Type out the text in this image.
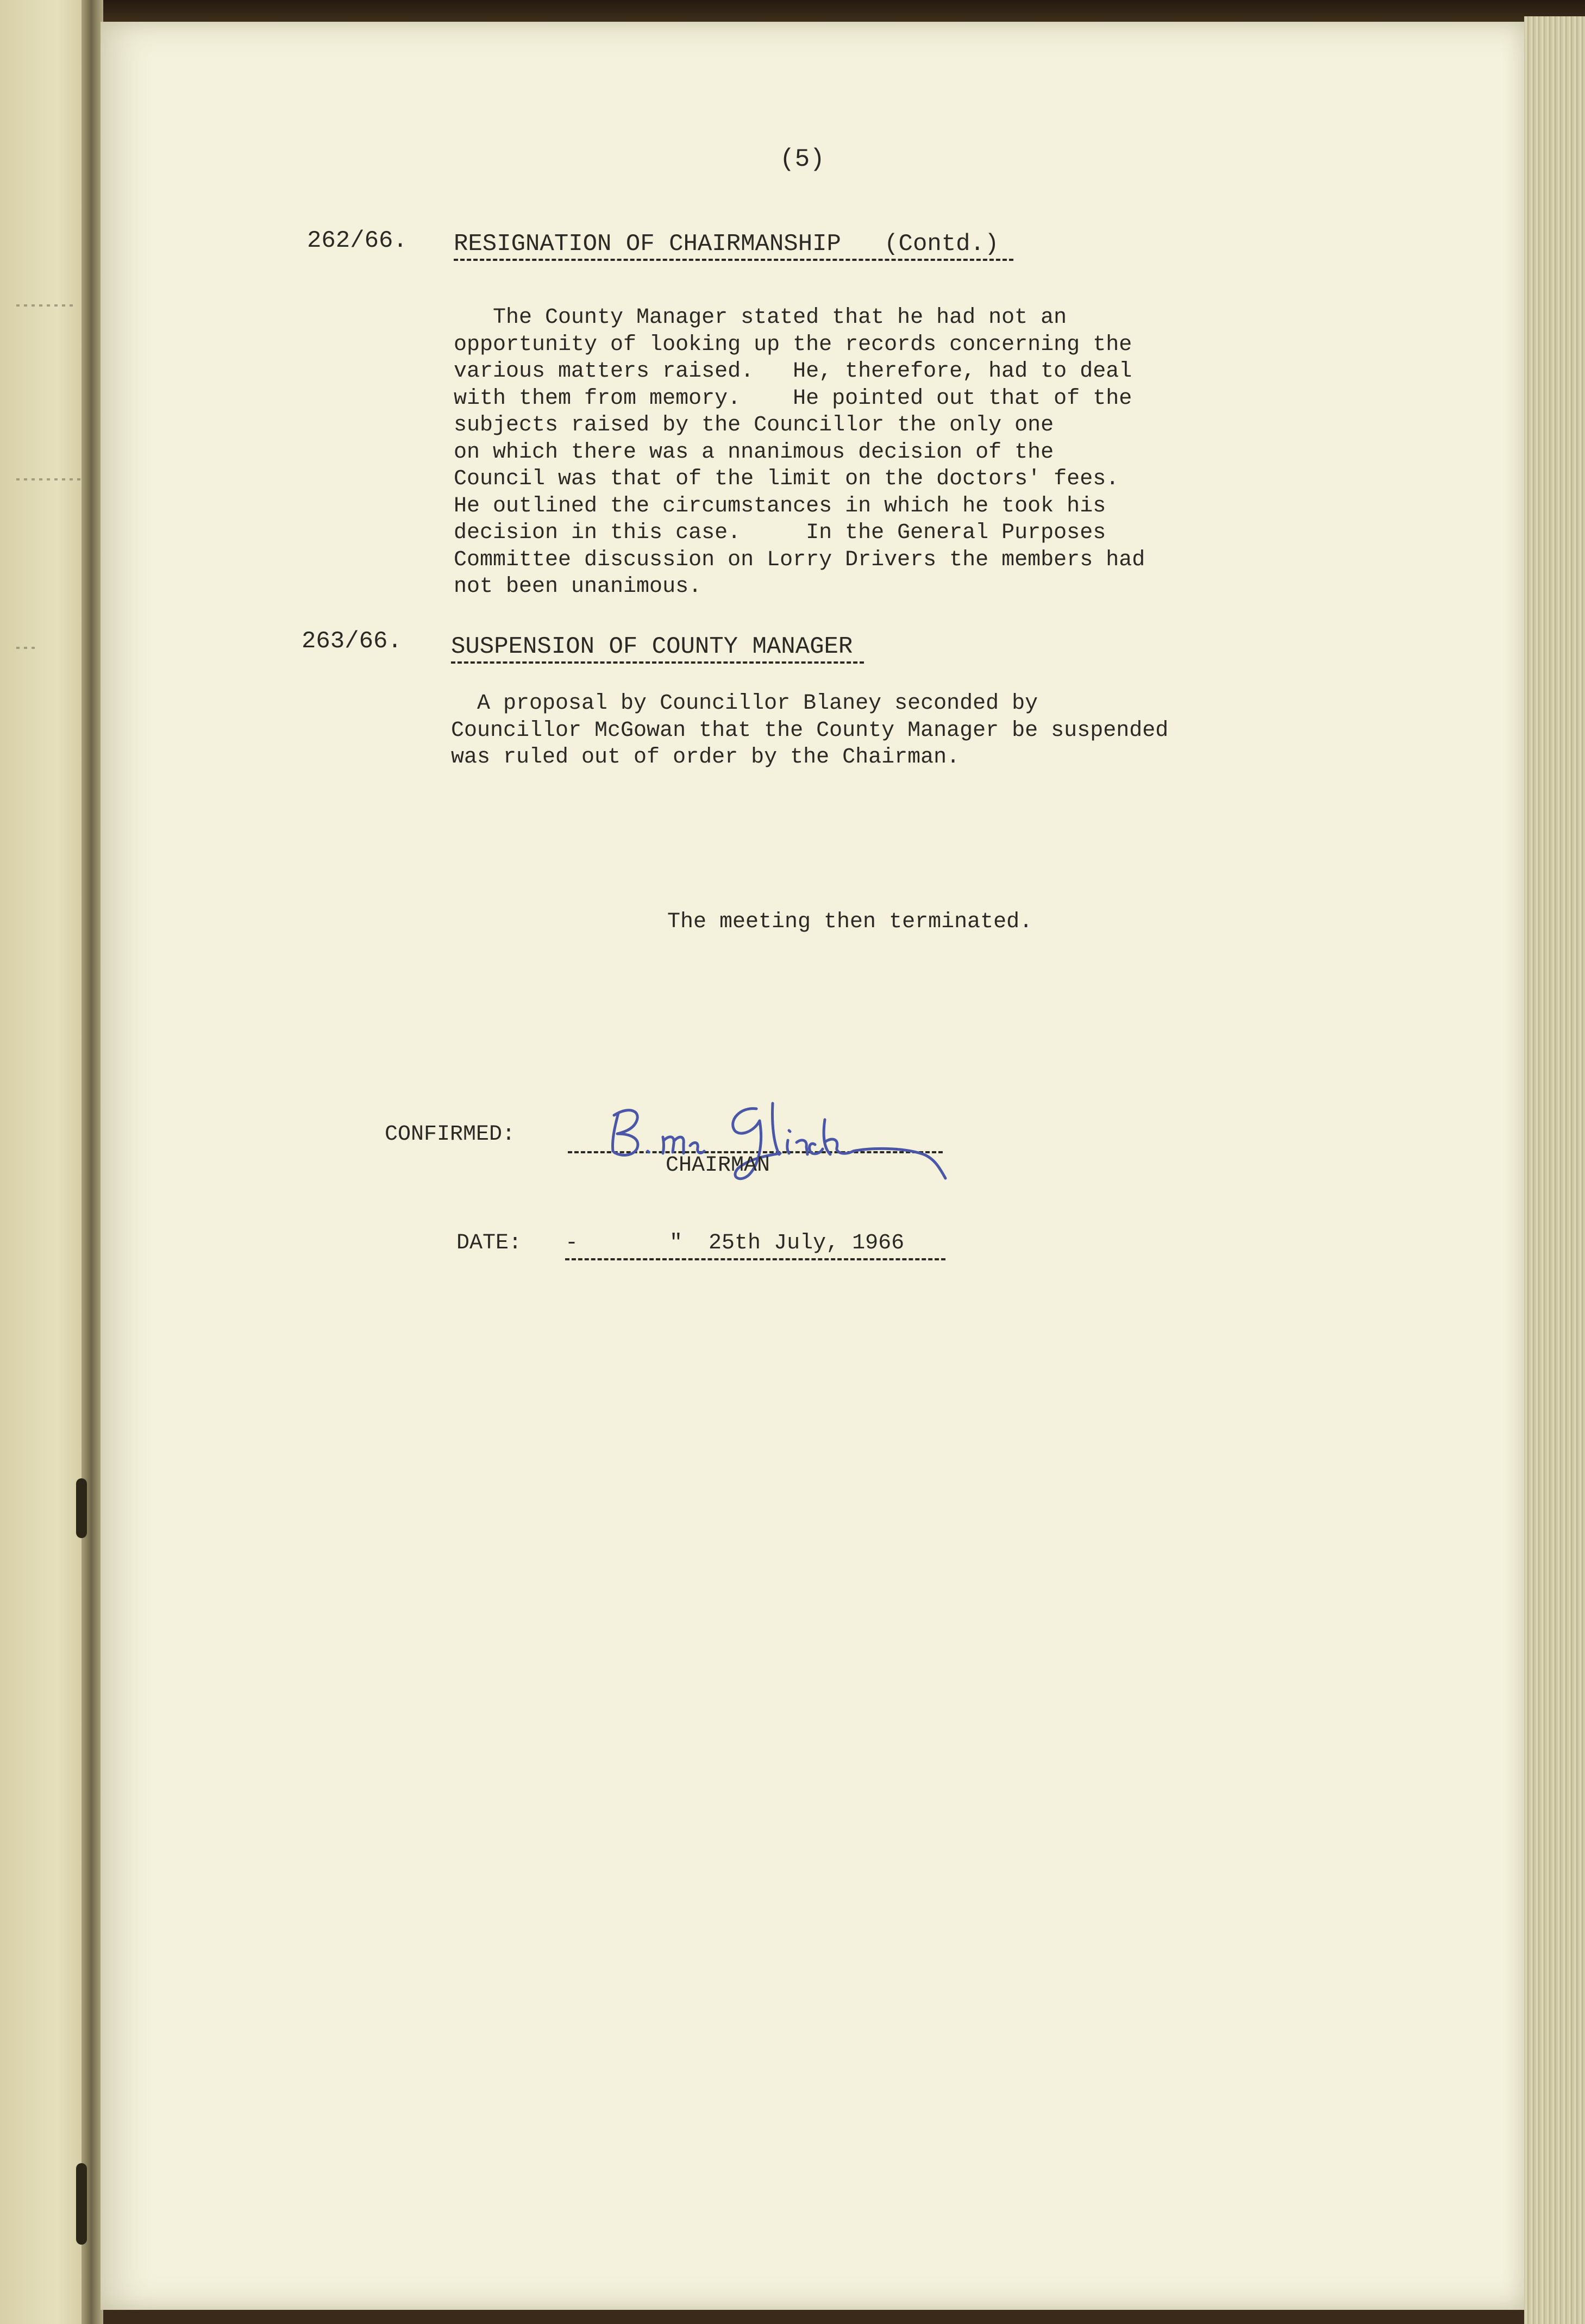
(5)
262/66. RESIGNATION OF CHAIRMANSHIP   (Contd.)
The County Manager stated that he had not an
opportunity of looking up the records concerning the
various matters raised.   He, therefore, had to deal
with them from memory.    He pointed out that of the
subjects raised by the Councillor the only one
on which there was a nnanimous decision of the
Council was that of the limit on the doctors' fees.
He outlined the circumstances in which he took his
decision in this case.     In the General Purposes
Committee discussion on Lorry Drivers the members had
not been unanimous.
263/66. SUSPENSION OF COUNTY MANAGER
A proposal by Councillor Blaney seconded by
Councillor McGowan that the County Manager be suspended
was ruled out of order by the Chairman.
The meeting then terminated.
CONFIRMED:
CHAIRMAN
DATE: -       "  25th July, 1966
